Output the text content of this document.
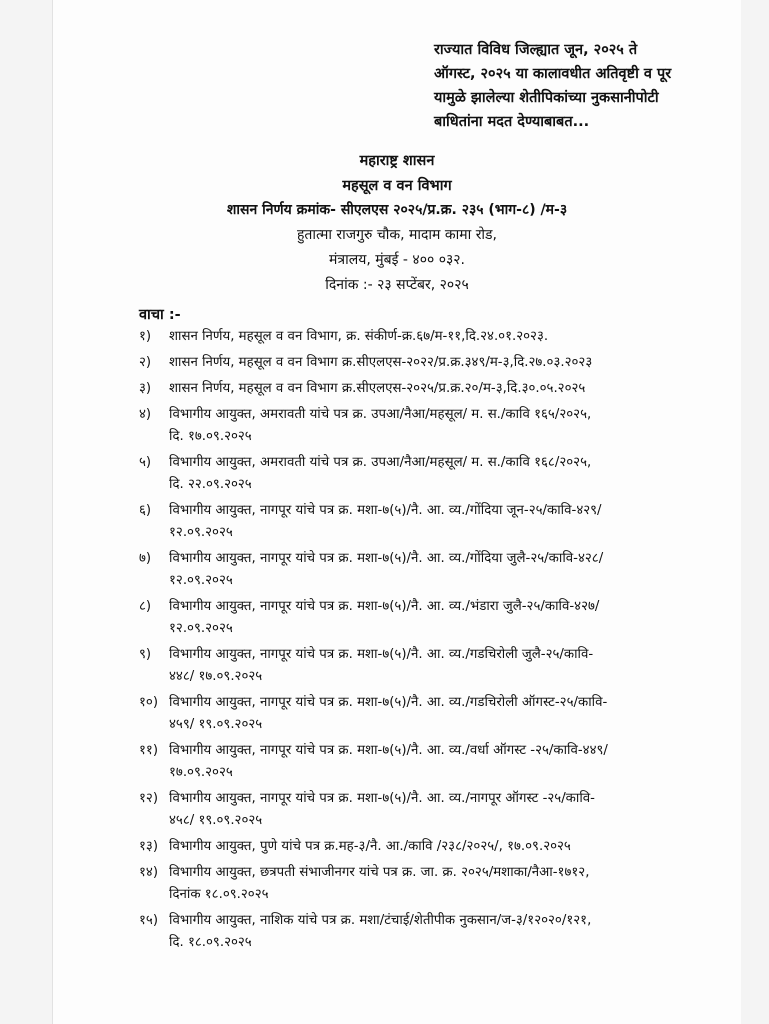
राज्यात विविध जिल्ह्यात जून, २०२५ ते
ऑगस्ट, २०२५ या कालावधीत अतिवृष्टी व पूर
यामुळे झालेल्या शेतीपिकांच्या नुकसानीपोटी
बाधितांना मदत देण्याबाबत...
महाराष्ट्र शासन
महसूल व वन विभाग
शासन निर्णय क्रमांक- सीएलएस २०२५/प्र.क्र. २३५ (भाग-८) /म-३
हुतात्मा राजगुरु चौक, मादाम कामा रोड,
मंत्रालय, मुंबई - ४०० ०३२.
दिनांक :- २३ सप्टेंबर, २०२५
वाचा :-
१)	शासन निर्णय, महसूल व वन विभाग, क्र. संकीर्ण-क्र.६७/म-११,दि.२४.०१.२०२३.
२)	शासन निर्णय, महसूल व वन विभाग क्र.सीएलएस-२०२२/प्र.क्र.३४९/म-३,दि.२७.०३.२०२३
३)	शासन निर्णय, महसूल व वन विभाग क्र.सीएलएस-२०२५/प्र.क्र.२०/म-३,दि.३०.०५.२०२५
४)	विभागीय आयुक्त, अमरावती यांचे पत्र क्र. उपआ/नैआ/महसूल/ म. स./कावि १६५/२०२५,
दि. १७.०९.२०२५
५)	विभागीय आयुक्त, अमरावती यांचे पत्र क्र. उपआ/नैआ/महसूल/ म. स./कावि १६८/२०२५,
दि. २२.०९.२०२५
६)	विभागीय आयुक्त, नागपूर यांचे पत्र क्र. मशा-७(५)/नै. आ. व्य./गोंदिया जून-२५/कावि-४२९/
१२.०९.२०२५
७)	विभागीय आयुक्त, नागपूर यांचे पत्र क्र. मशा-७(५)/नै. आ. व्य./गोंदिया जुलै-२५/कावि-४२८/
१२.०९.२०२५
८)	विभागीय आयुक्त, नागपूर यांचे पत्र क्र. मशा-७(५)/नै. आ. व्य./भंडारा जुलै-२५/कावि-४२७/
१२.०९.२०२५
९)	विभागीय आयुक्त, नागपूर यांचे पत्र क्र. मशा-७(५)/नै. आ. व्य./गडचिरोली जुलै-२५/कावि-
४४८/ १७.०९.२०२५
१०) विभागीय आयुक्त, नागपूर यांचे पत्र क्र. मशा-७(५)/नै. आ. व्य./गडचिरोली ऑगस्ट-२५/कावि-
४५९/ १९.०९.२०२५
११) विभागीय आयुक्त, नागपूर यांचे पत्र क्र. मशा-७(५)/नै. आ. व्य./वर्धा ऑगस्ट -२५/कावि-४४९/
१७.०९.२०२५
१२) विभागीय आयुक्त, नागपूर यांचे पत्र क्र. मशा-७(५)/नै. आ. व्य./नागपूर ऑगस्ट -२५/कावि-
४५८/ १९.०९.२०२५
१३) विभागीय आयुक्त, पुणे यांचे पत्र क्र.मह-३/नै. आ./कावि /२३८/२०२५/, १७.०९.२०२५
१४) विभागीय आयुक्त, छत्रपती संभाजीनगर यांचे पत्र क्र. जा. क्र. २०२५/मशाका/नैआ-१७१२,
दिनांक १८.०९.२०२५
१५) विभागीय आयुक्त, नाशिक यांचे पत्र क्र. मशा/टंचाई/शेतीपीक नुकसान/ज-३/१२०२०/१२१,
दि. १८.०९.२०२५
